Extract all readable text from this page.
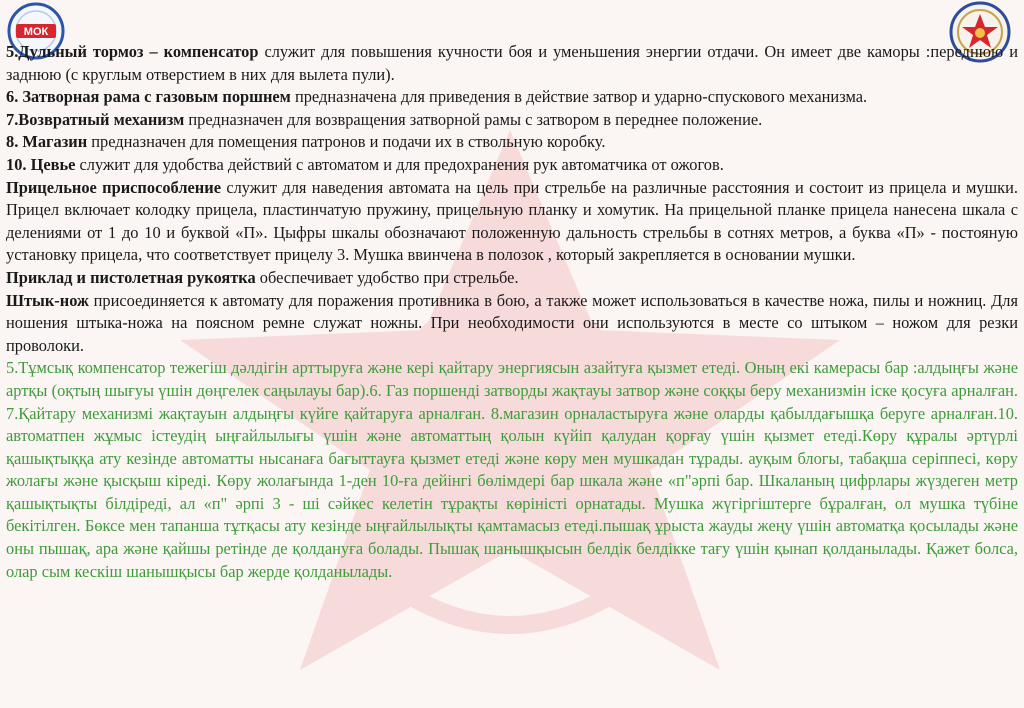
МОК

5.Дульный тормоз – компенсатор служит для повышения кучности боя и уменьшения энергии отдачи. Он имеет две каморы :переднюю и заднюю (с круглым отверстием в них для вылета пули).

6. Затворная рама с газовым поршнем предназначена для приведения в действие затвор и ударно-спускового механизма.

7.Возвратный механизм предназначен для возвращения затворной рамы с затвором в переднее положение.

8. Магазин предназначен для помещения патронов и подачи их в ствольную коробку.

10. Цевье служит для удобства действий с автоматом и для предохранения рук автоматчика от ожогов.

Прицельное приспособление служит для наведения автомата на цель при стрельбе на различные расстояния и состоит из прицела и мушки. Прицел включает колодку прицела, пластинчатую пружину, прицельную планку и хомутик. На прицельной планке прицела нанесена шкала с делениями от 1 до 10 и буквой «П». Цыфры шкалы обозначают положенную дальность стрельбы в сотнях метров, а буква «П» - постояную установку прицела, что соответствует прицелу 3. Мушка ввинчена в полозок , который закрепляется в основании мушки.

Приклад и пистолетная рукоятка обеспечивает удобство при стрельбе.

Штык-нож присоединяется к автомату для поражения противника в бою, а также может использоваться в качестве ножа, пилы и ножниц. Для ношения штыка-ножа на поясном ремне служат ножны. При необходимости они используются в месте со штыком – ножом для резки проволоки.

5.Тұмсық компенсатор тежегіш дәлдігін арттыруға және кері қайтару энергиясын азайтуға қызмет етеді. Оның екі камерасы бар :алдыңғы және артқы (оқтың шығуы үшін дөңгелек саңылауы бар).6. Газ поршенді затворды жақтауы затвор және соққы беру механизмін іске қосуға арналған. 7.Қайтару механизмі жақтауын алдыңғы күйге қайтаруға арналған. 8.магазин орналастыруға және оларды қабылдағышқа беруге арналған.10. автоматпен жұмыс істеудің ыңғайлылығы үшін және автоматтың қолын күйіп қалудан қорғау үшін қызмет етеді.Көру құралы әртүрлі қашықтыққа ату кезінде автоматты нысанаға бағыттауға қызмет етеді және көру мен мушкадан тұрады. ауқым блогы, табақша серіппесі, көру жолағы және қысқыш кіреді. Көру жолағында 1-ден 10-ға дейінгі бөлімдері бар шкала және «п"әрпі бар. Шкаланың цифрлары жүздеген метр қашықтықты білдіреді, ал «п" әрпі 3 - ші сәйкес келетін тұрақты көріністі орнатады. Мушка жүгіргіштерге бұралған, ол мушка түбіне бекітілген. Бөксе мен тапанша тұтқасы ату кезінде ыңғайлылықты қамтамасыз етеді.пышақ ұрыста жауды жеңу үшін автоматқа қосылады және оны пышақ, ара және қайшы ретінде де қолдануға болады. Пышақ шанышқысын белдік белдікке тағу үшін қынап қолданылады. Қажет болса, олар сым кескіш шанышқысы бар жерде қолданылады.
